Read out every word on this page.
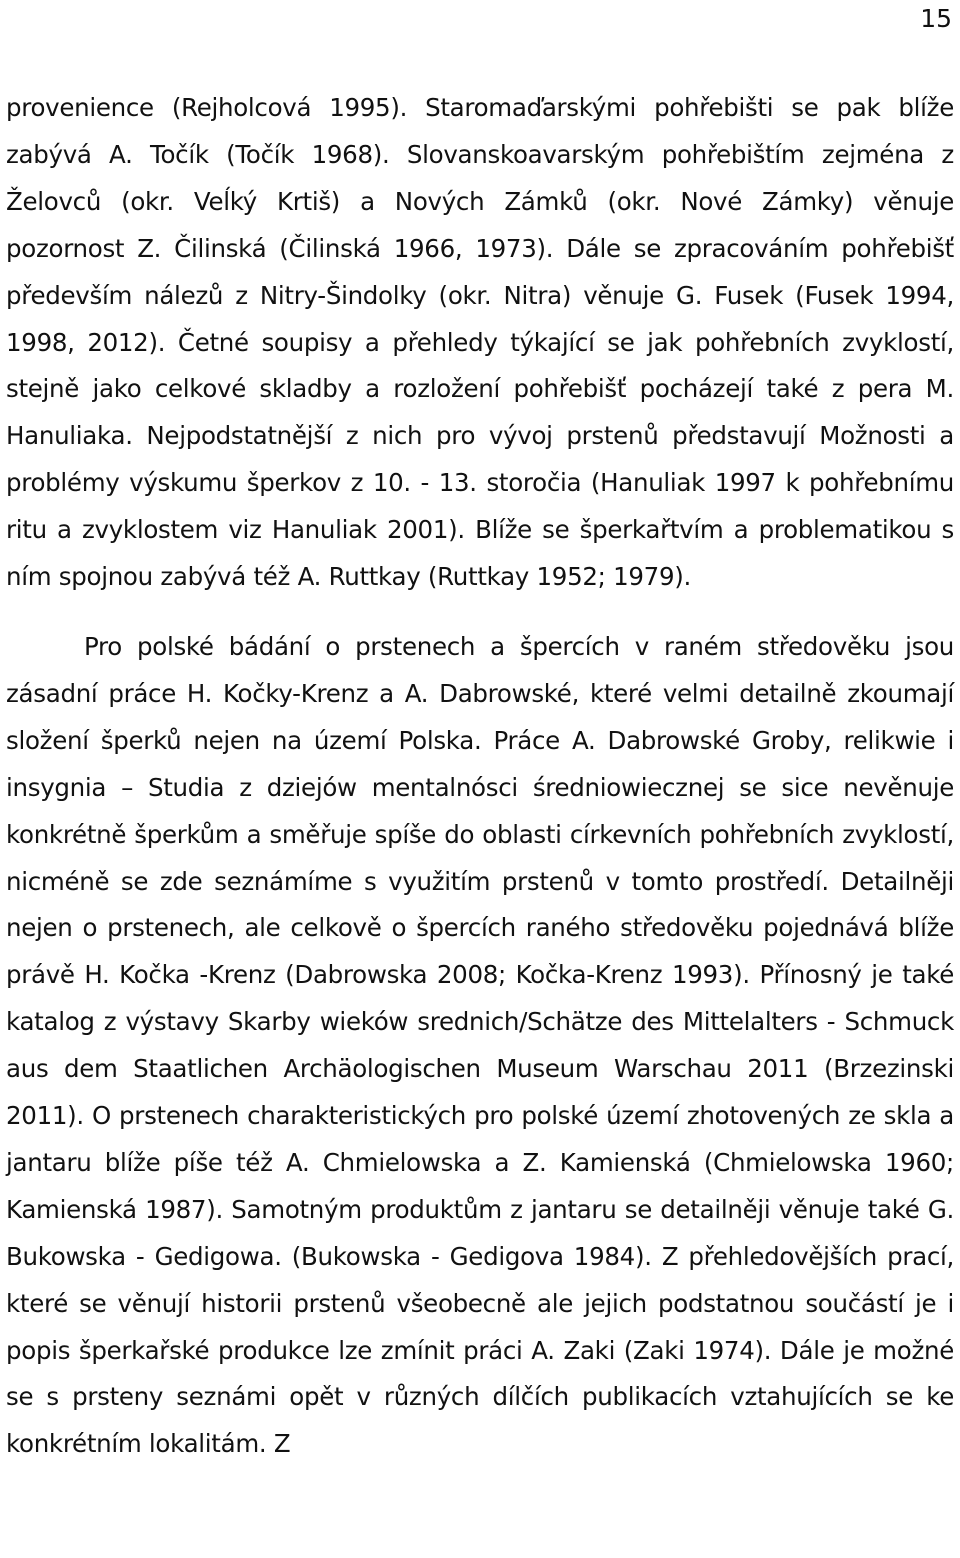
15

provenience (Rejholcová 1995). Staromaďarskými pohřebišti se pak blíže zabývá A. Točík (Točík 1968). Slovanskoavarským pohřebištím zejména z Želovců (okr. Veĺký Krtiš) a Nových Zámků (okr. Nové Zámky) věnuje pozornost Z. Čilinská (Čilinská 1966, 1973). Dále se zpracováním pohřebišť především nálezů z Nitry-Šindolky (okr. Nitra) věnuje G. Fusek (Fusek 1994, 1998, 2012). Četné soupisy a přehledy týkající se jak pohřebních zvyklostí, stejně jako celkové skladby a rozložení pohřebišť pocházejí také z pera M. Hanuliaka. Nejpodstatnější z nich pro vývoj prstenů představují Možnosti a problémy výskumu šperkov z 10. - 13. storočia (Hanuliak 1997 k pohřebnímu ritu a zvyklostem viz Hanuliak 2001). Blíže se šperkařtvím a problematikou s ním spojnou zabývá též A. Ruttkay (Ruttkay 1952; 1979).

Pro polské bádání o prstenech a špercích v raném středověku jsou zásadní práce H. Kočky-Krenz a A. Dabrowské, které velmi detailně zkoumají složení šperků nejen na území Polska. Práce A. Dabrowské Groby, relikwie i insygnia – Studia z dziejów mentalnósci średniowiecznej se sice nevěnuje konkrétně šperkům a směřuje spíše do oblasti církevních pohřebních zvyklostí, nicméně se zde seznámíme s využitím prstenů v tomto prostředí. Detailněji nejen o prstenech, ale celkově o špercích raného středověku pojednává blíže právě H. Kočka -Krenz (Dabrowska 2008; Kočka-Krenz 1993). Přínosný je také katalog z výstavy Skarby wieków srednich/Schätze des Mittelalters - Schmuck aus dem Staatlichen Archäologischen Museum Warschau 2011 (Brzezinski 2011). O prstenech charakteristických pro polské území zhotovených ze skla a jantaru blíže píše též A. Chmielowska a Z. Kamienská (Chmielowska 1960; Kamienská 1987). Samotným produktům z jantaru se detailněji věnuje také G. Bukowska - Gedigowa. (Bukowska - Gedigova 1984). Z přehledovějších prací, které se věnují historii prstenů všeobecně ale jejich podstatnou součástí je i popis šperkařské produkce lze zmínit práci A. Zaki (Zaki 1974). Dále je možné se s prsteny seznámi opět v různých dílčích publikacích vztahujících se ke konkrétním lokalitám. Z
